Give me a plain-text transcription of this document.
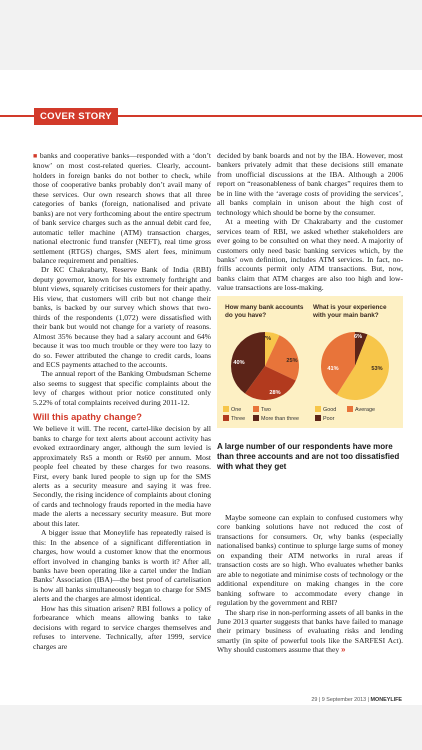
COVER STORY

■ banks and cooperative banks—responded with a ‘don’t know’ on most cost-related queries. Clearly, account-holders in foreign banks do not bother to check, while those of cooperative banks probably don’t avail many of these services. Our own research shows that all three categories of banks (foreign, nationalised and private banks) are not very forthcoming about the entire spectrum of bank service charges such as the annual debit card fee, automatic teller machine (ATM) transaction charges, national electronic fund transfer (NEFT), real time gross settlement (RTGS) charges, SMS alert fees, minimum balance requirement and penalties.

Dr KC Chakrabarty, Reserve Bank of India (RBI) deputy governor, known for his extremely forthright and blunt views, squarely criticises customers for their apathy. His view, that customers will crib but not change their banks, is backed by our survey which shows that two-thirds of the respondents (1,072) were dissatisfied with their bank but would not change for a variety of reasons. Almost 35% because they had a salary account and 64% because it was too much trouble or they were too lazy to do so. Fewer attributed the change to credit cards, loans and ECS payments attached to the accounts.

The annual report of the Banking Ombudsman Scheme also seems to suggest that specific complaints about the levy of charges without prior notice constituted only 5.22% of total complaints received during 2011-12.

Will this apathy change?

We believe it will. The recent, cartel-like decision by all banks to charge for text alerts about account activity has evoked extraordinary anger, although the sum levied is approximately Rs5 a month or Rs60 per annum. Most people feel cheated by these charges for two reasons. First, every bank lured people to sign up for the SMS alerts as a security measure and saying it was free. Secondly, the rising incidence of complaints about cloning of cards and technology frauds reported in the media have made the alerts a necessary security measure. But more about this later.

A bigger issue that Moneylife has repeatedly raised is this: In the absence of a significant differentiation in charges, how would a customer know that the enormous effort involved in changing banks is worth it? After all, banks have been operating like a cartel under the Indian Banks’ Association (IBA)—the best proof of cartelisation is how all banks simultaneously began to charge for SMS alerts and the charges are almost identical.

How has this situation arisen? RBI follows a policy of forbearance which means allowing banks to take decisions with regard to service charges themselves and refuses to intervene. Technically, after 1999, service charges are

decided by bank boards and not by the IBA. However, most bankers privately admit that these decisions still emanate from unofficial discussions at the IBA. Although a 2006 report on “reasonableness of bank charges” requires them to be in line with the ‘average costs of providing the services’, all banks complain in unison about the high cost of technology which should be borne by the consumer.

At a meeting with Dr Chakrabarty and the customer services team of RBI, we asked whether stakeholders are ever going to be consulted on what they need. A majority of customers only need basic banking services which, by the banks’ own definition, includes ATM services. In fact, no-frills accounts permit only ATM transactions. But, now, banks claim that ATM charges are also too high and low-value transactions are loss-making.

How many bank accounts do you have?
What is your experience with your main bank?
7%
25%
28%
40%
6%
53%
41%
One	Two
Three	More than three
Good	Average
Poor
A large number of our respondents have more than three accounts and are not too dissatisfied with what they get

Maybe someone can explain to confused customers why core banking solutions have not reduced the cost of transactions for consumers. Or, why banks (especially nationalised banks) continue to splurge large sums of money on expanding their ATM networks in rural areas if transaction costs are so high. Who evaluates whether banks are able to negotiate and minimise costs of technology or the additional expenditure on making changes in the core banking software to accommodate every change in regulation by the government and RBI?

The sharp rise in non-performing assets of all banks in the June 2013 quarter suggests that banks have failed to manage their primary business of evaluating risks and lending smartly (in spite of powerful tools like the SARFESI Act). Why should customers assume that they »

29 | 9 September 2013 | MONEYLIFE
